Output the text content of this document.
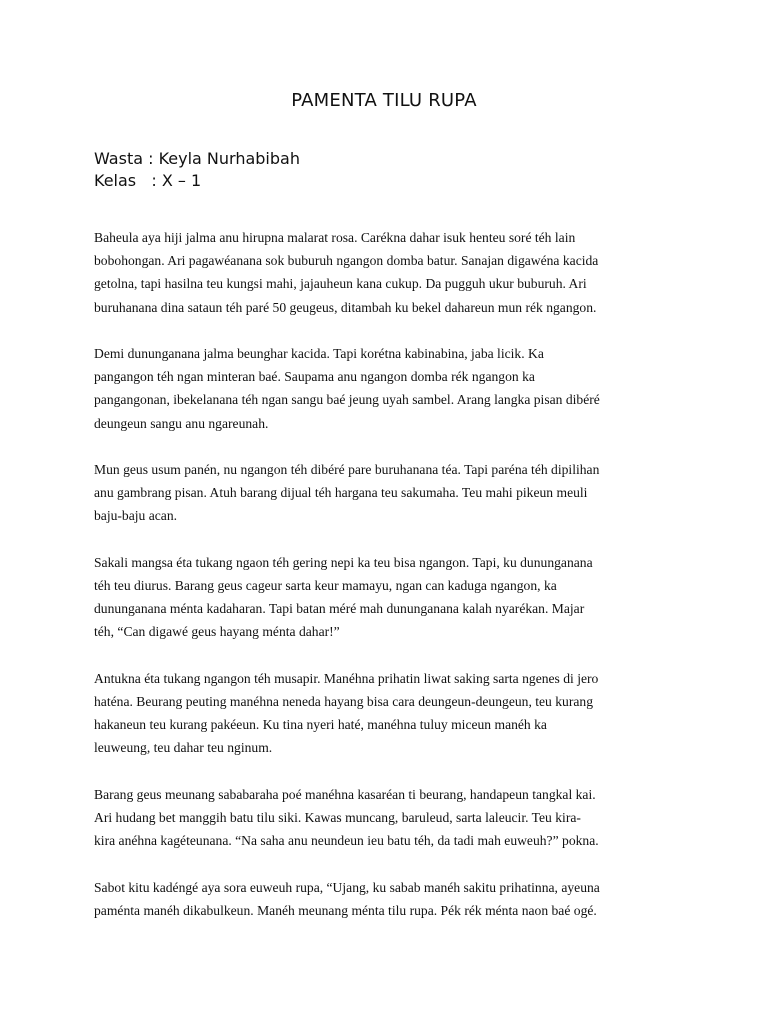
PAMENTA TILU RUPA
Wasta : Keyla Nurhabibah
Kelas   : X – 1
Baheula aya hiji jalma anu hirupna malarat rosa. Carékna dahar isuk henteu soré téh lain
bobohongan. Ari pagawéanana sok buburuh ngangon domba batur. Sanajan digawéna kacida
getolna, tapi hasilna teu kungsi mahi, jajauheun kana cukup. Da pugguh ukur buburuh. Ari
buruhanana dina sataun téh paré 50 geugeus, ditambah ku bekel dahareun mun rék ngangon.
Demi dununganana jalma beunghar kacida. Tapi korétna kabinabina, jaba licik. Ka
pangangon téh ngan minteran baé. Saupama anu ngangon domba rék ngangon ka
pangangonan, ibekelanana téh ngan sangu baé jeung uyah sambel. Arang langka pisan dibéré
deungeun sangu anu ngareunah.
Mun geus usum panén, nu ngangon téh dibéré pare buruhanana téa. Tapi paréna téh dipilihan
anu gambrang pisan. Atuh barang dijual téh hargana teu sakumaha. Teu mahi pikeun meuli
baju-baju acan.
Sakali mangsa éta tukang ngaon téh gering nepi ka teu bisa ngangon. Tapi, ku dununganana
téh teu diurus. Barang geus cageur sarta keur mamayu, ngan can kaduga ngangon, ka
dununganana ménta kadaharan. Tapi batan méré mah dununganana kalah nyarékan. Majar
téh, “Can digawé geus hayang ménta dahar!”
Antukna éta tukang ngangon téh musapir. Manéhna prihatin liwat saking sarta ngenes di jero
haténa. Beurang peuting manéhna neneda hayang bisa cara deungeun-deungeun, teu kurang
hakaneun teu kurang pakéeun. Ku tina nyeri haté, manéhna tuluy miceun manéh ka
leuweung, teu dahar teu nginum.
Barang geus meunang sababaraha poé manéhna kasaréan ti beurang, handapeun tangkal kai.
Ari hudang bet manggih batu tilu siki. Kawas muncang, baruleud, sarta laleucir. Teu kira-
kira anéhna kagéteunana. “Na saha anu neundeun ieu batu téh, da tadi mah euweuh?” pokna.
Sabot kitu kadéngé aya sora euweuh rupa, “Ujang, ku sabab manéh sakitu prihatinna, ayeuna
paménta manéh dikabulkeun. Manéh meunang ménta tilu rupa. Pék rék ménta naon baé ogé.
